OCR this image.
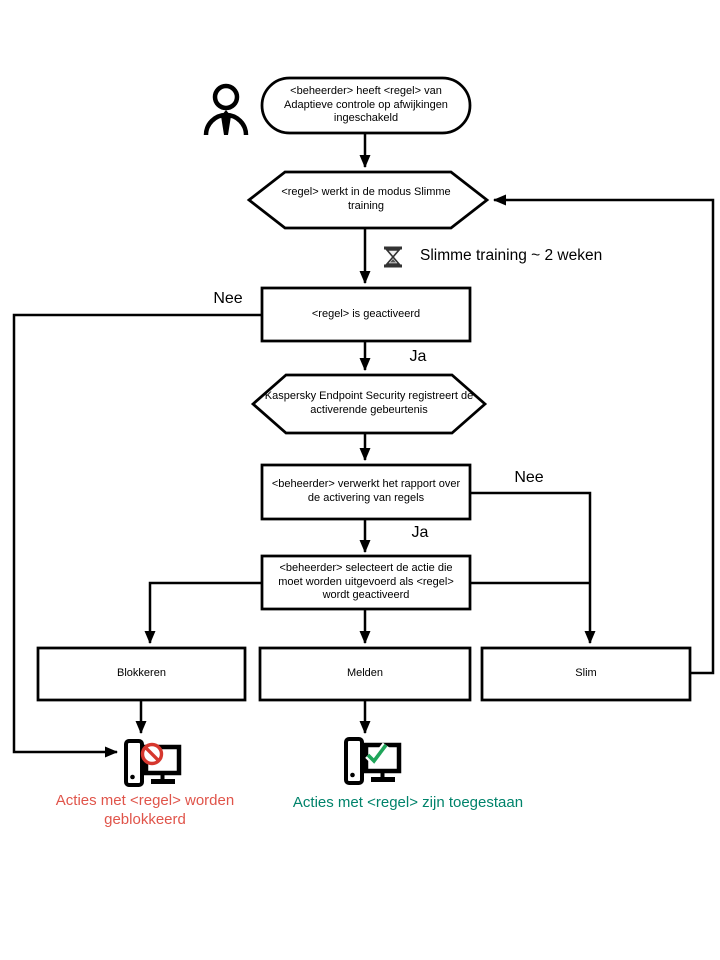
<beheerder> heeft <regel> van Adaptieve controle op afwijkingen ingeschakeld
<regel> werkt in de modus Slimme training
<regel> is geactiveerd
Kaspersky Endpoint Security registreert de activerende gebeurtenis
<beheerder> verwerkt het rapport over de activering van regels
<beheerder> selecteert de actie die moet worden uitgevoerd als <regel> wordt geactiveerd
Blokkeren	Melden	Slim
Nee
Ja
Nee
Ja
Slimme training ~ 2 weken
Acties met <regel> worden geblokkeerd
Acties met <regel> zijn toegestaan
